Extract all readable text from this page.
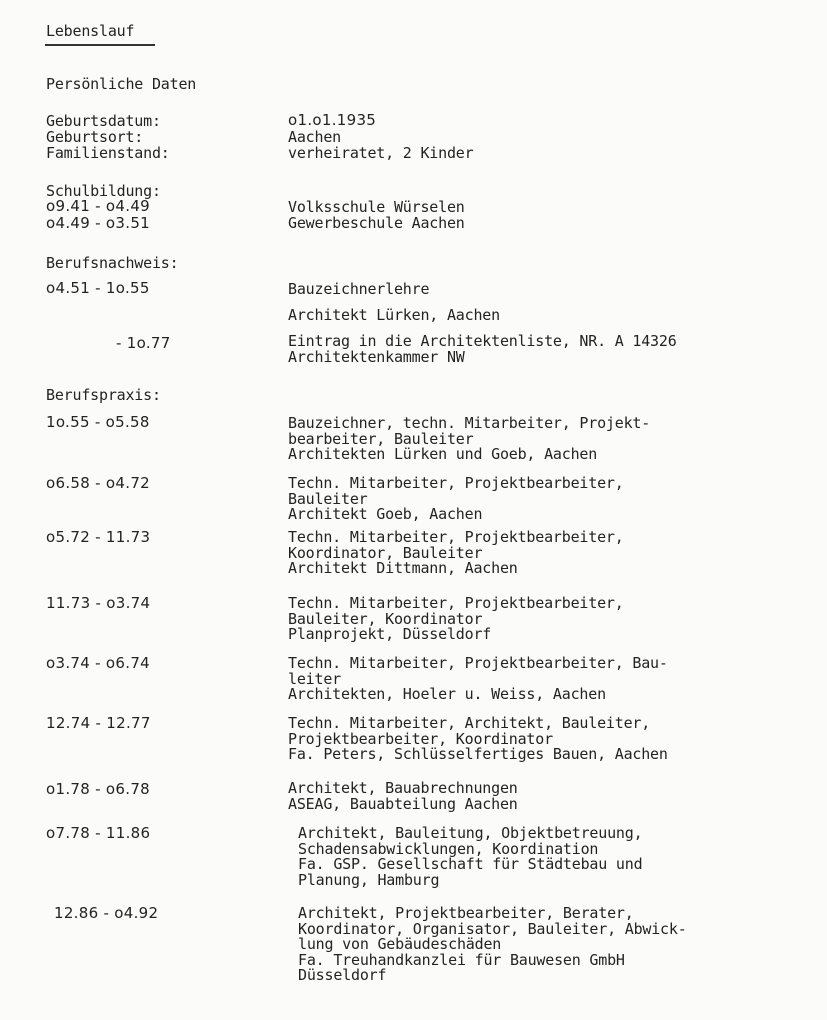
Lebenslauf
Persönliche Daten
Geburtsdatum:	o1.o1.1935
Geburtsort:	Aachen
Familienstand:	verheiratet, 2 Kinder
Schulbildung:
o9.41 - o4.49	Volksschule Würselen
o4.49 - o3.51	Gewerbeschule Aachen
Berufsnachweis:
o4.51 - 1o.55	Bauzeichnerlehre
Architekt Lürken, Aachen
- 1o.77	Eintrag in die Architektenliste, NR. A 14326
Architektenkammer NW
Berufspraxis:
1o.55 - o5.58	Bauzeichner, techn. Mitarbeiter, Projekt-
bearbeiter, Bauleiter
Architekten Lürken und Goeb, Aachen
o6.58 - o4.72	Techn. Mitarbeiter, Projektbearbeiter,
Bauleiter
Architekt Goeb, Aachen
o5.72 - 11.73	Techn. Mitarbeiter, Projektbearbeiter,
Koordinator, Bauleiter
Architekt Dittmann, Aachen
11.73 - o3.74	Techn. Mitarbeiter, Projektbearbeiter,
Bauleiter, Koordinator
Planprojekt, Düsseldorf
o3.74 - o6.74	Techn. Mitarbeiter, Projektbearbeiter, Bau-
leiter
Architekten, Hoeler u. Weiss, Aachen
12.74 - 12.77	Techn. Mitarbeiter, Architekt, Bauleiter,
Projektbearbeiter, Koordinator
Fa. Peters, Schlüsselfertiges Bauen, Aachen
o1.78 - o6.78	Architekt, Bauabrechnungen
ASEAG, Bauabteilung Aachen
o7.78 - 11.86	Architekt, Bauleitung, Objektbetreuung,
Schadensabwicklungen, Koordination
Fa. GSP. Gesellschaft für Städtebau und
Planung, Hamburg
12.86 - o4.92	Architekt, Projektbearbeiter, Berater,
Koordinator, Organisator, Bauleiter, Abwick-
lung von Gebäudeschäden
Fa. Treuhandkanzlei für Bauwesen GmbH
Düsseldorf
